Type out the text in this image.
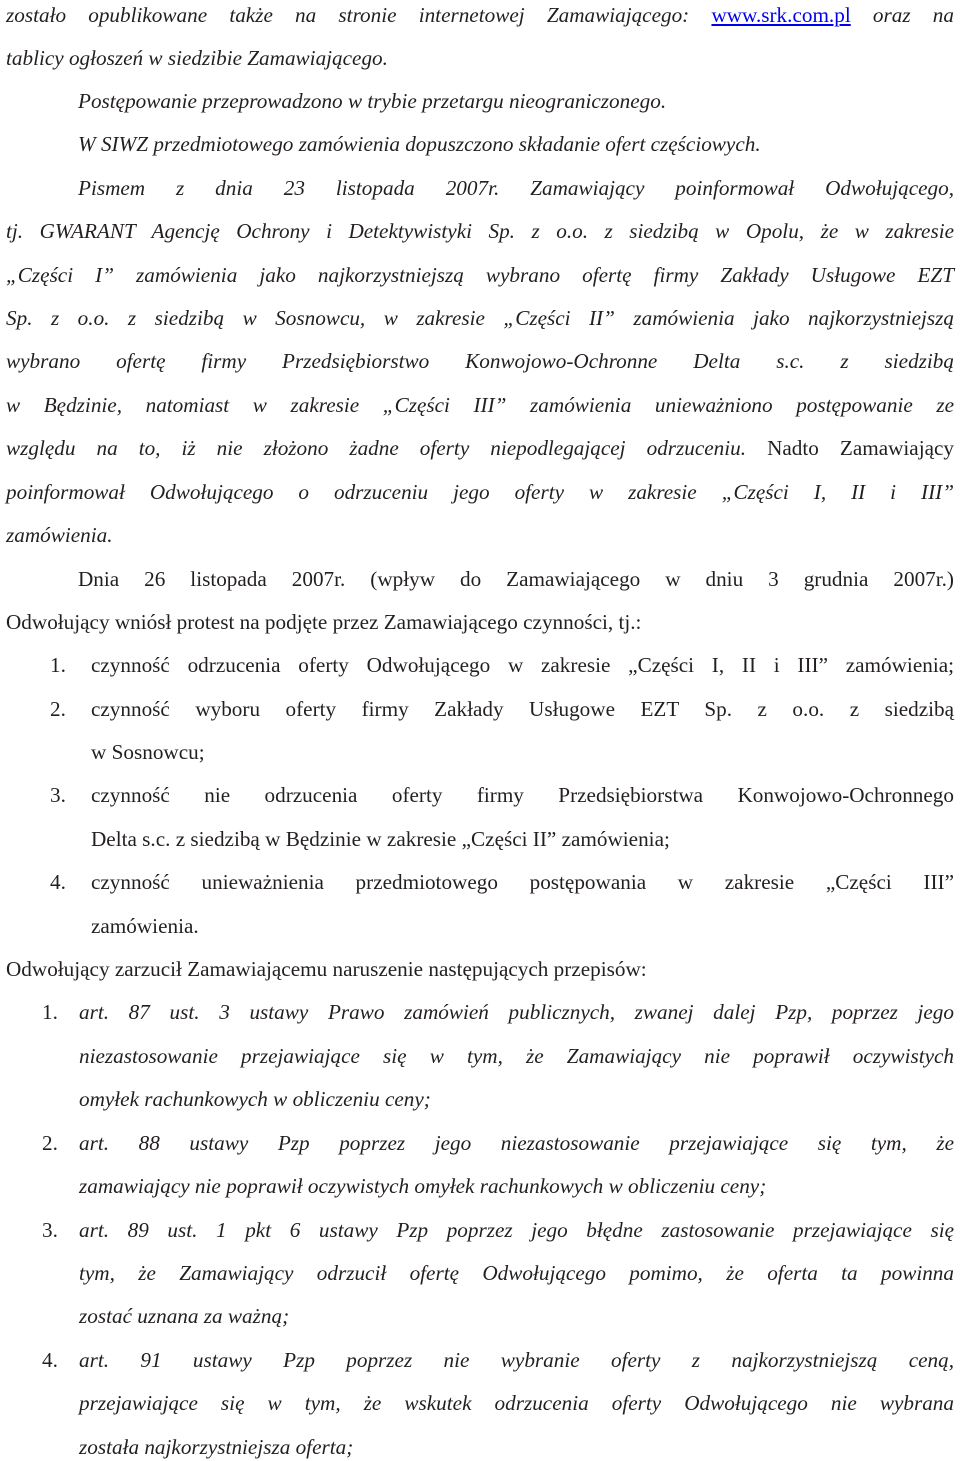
zostało opublikowane także na stronie internetowej Zamawiającego: www.srk.com.pl oraz na
tablicy ogłoszeń w siedzibie Zamawiającego.
Postępowanie przeprowadzono w trybie przetargu nieograniczonego.
W SIWZ przedmiotowego zamówienia dopuszczono składanie ofert częściowych.
Pismem z dnia 23 listopada 2007r. Zamawiający poinformował Odwołującego,
tj. GWARANT Agencję Ochrony i Detektywistyki Sp. z o.o. z siedzibą w Opolu, że w zakresie
„Części I” zamówienia jako najkorzystniejszą wybrano ofertę firmy Zakłady Usługowe EZT
Sp. z o.o. z siedzibą w Sosnowcu, w zakresie „Części II” zamówienia jako najkorzystniejszą
wybrano ofertę firmy Przedsiębiorstwo Konwojowo-Ochronne Delta s.c. z siedzibą
w Będzinie, natomiast w zakresie „Części III” zamówienia unieważniono postępowanie ze
względu na to, iż nie złożono żadne oferty niepodlegającej odrzuceniu. Nadto Zamawiający
poinformował Odwołującego o odrzuceniu jego oferty w zakresie „Części I, II i III”
zamówienia.
Dnia 26 listopada 2007r. (wpływ do Zamawiającego w dniu 3 grudnia 2007r.)
Odwołujący wniósł protest na podjęte przez Zamawiającego czynności, tj.:
1. czynność odrzucenia oferty Odwołującego w zakresie „Części I, II i III” zamówienia;
2. czynność wyboru oferty firmy Zakłady Usługowe EZT Sp. z o.o. z siedzibą
w Sosnowcu;
3. czynność nie odrzucenia oferty firmy Przedsiębiorstwa Konwojowo-Ochronnego
Delta s.c. z siedzibą w Będzinie w zakresie „Części II” zamówienia;
4. czynność unieważnienia przedmiotowego postępowania w zakresie „Części III”
zamówienia.
Odwołujący zarzucił Zamawiającemu naruszenie następujących przepisów:
1. art. 87 ust. 3 ustawy Prawo zamówień publicznych, zwanej dalej Pzp, poprzez jego
niezastosowanie przejawiające się w tym, że Zamawiający nie poprawił oczywistych
omyłek rachunkowych w obliczeniu ceny;
2. art. 88 ustawy Pzp poprzez jego niezastosowanie przejawiające się tym, że
zamawiający nie poprawił oczywistych omyłek rachunkowych w obliczeniu ceny;
3. art. 89 ust. 1 pkt 6 ustawy Pzp poprzez jego błędne zastosowanie przejawiające się
tym, że Zamawiający odrzucił ofertę Odwołującego pomimo, że oferta ta powinna
zostać uznana za ważną;
4. art. 91 ustawy Pzp poprzez nie wybranie oferty z najkorzystniejszą ceną,
przejawiające się w tym, że wskutek odrzucenia oferty Odwołującego nie wybrana
została najkorzystniejsza oferta;
